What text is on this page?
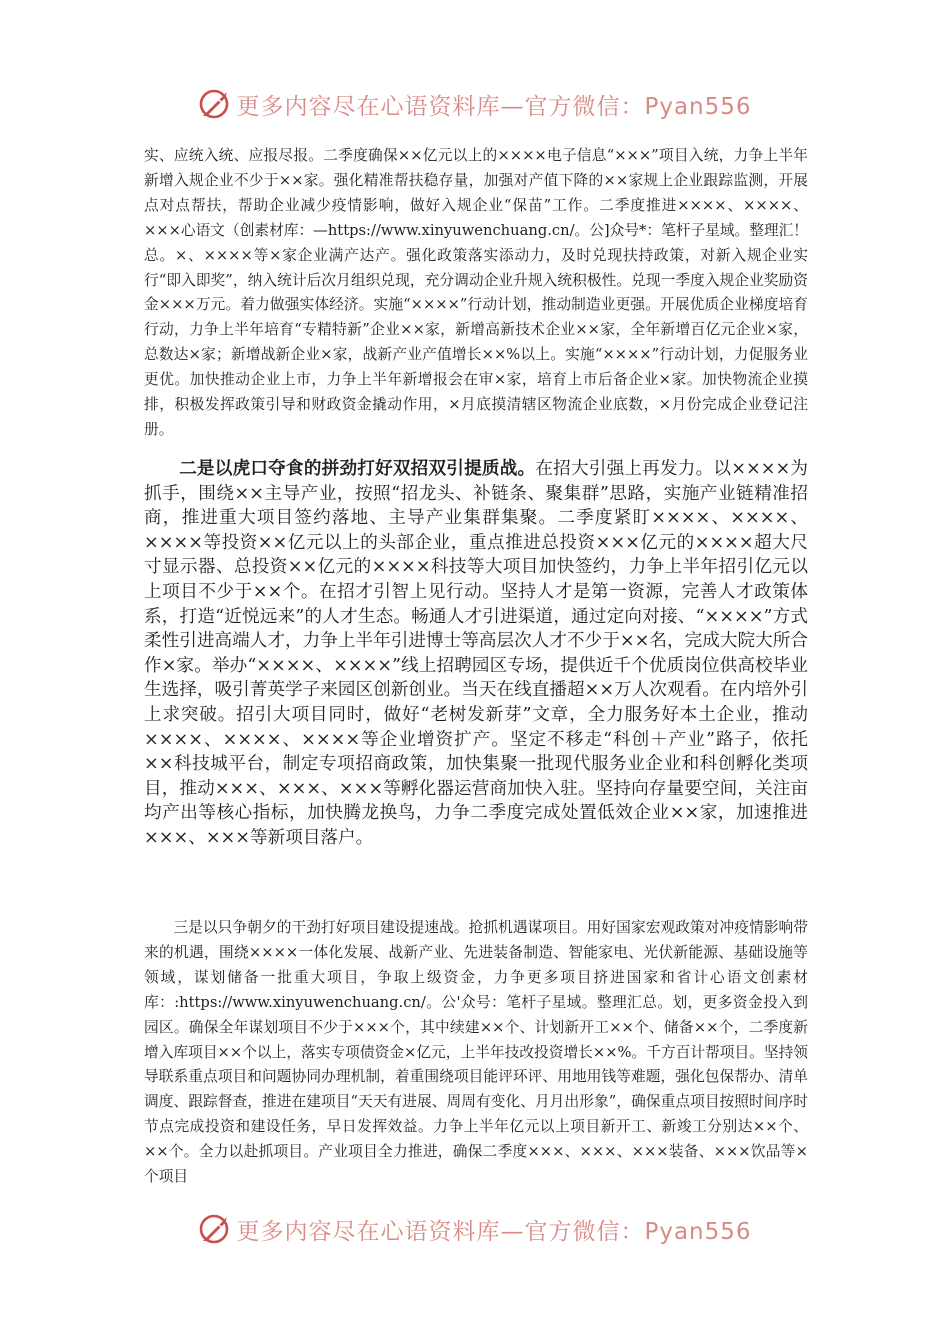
更多内容尽在心语资料库—官方微信：Pyan556

实、应统入统、应报尽报。二季度确保××亿元以上的××××电子信息“×××”项目入统，力争上半年新增入规企业不少于××家。强化精准帮扶稳存量，加强对产值下降的××家规上企业跟踪监测，开展点对点帮扶，帮助企业减少疫情影响，做好入规企业“保苗”工作。二季度推进××××、××××、×××心语文（创素材库：—https://www.xinyuwenchuang.cn/。公]众号*：笔杆子星域。整理汇！总。×、××××等×家企业满产达产。强化政策落实添动力，及时兑现扶持政策，对新入规企业实行“即入即奖”，纳入统计后次月组织兑现，充分调动企业升规入统积极性。兑现一季度入规企业奖励资金×××万元。着力做强实体经济。实施“××××”行动计划，推动制造业更强。开展优质企业梯度培育行动，力争上半年培育“专精特新”企业××家，新增高新技术企业××家，全年新增百亿元企业×家，总数达×家；新增战新企业×家，战新产业产值增长××%以上。实施“××××”行动计划，力促服务业更优。加快推动企业上市，力争上半年新增报会在审×家，培育上市后备企业×家。加快物流企业摸排，积极发挥政策引导和财政资金撬动作用，×月底摸清辖区物流企业底数，×月份完成企业登记注册。

二是以虎口夺食的拼劲打好双招双引提质战。在招大引强上再发力。以××××为抓手，围绕××主导产业，按照“招龙头、补链条、聚集群”思路，实施产业链精准招商，推进重大项目签约落地、主导产业集群集聚。二季度紧盯××××、××××、××××等投资××亿元以上的头部企业，重点推进总投资×××亿元的××××超大尺寸显示器、总投资××亿元的××××科技等大项目加快签约，力争上半年招引亿元以上项目不少于××个。在招才引智上见行动。坚持人才是第一资源，完善人才政策体系，打造“近悦远来”的人才生态。畅通人才引进渠道，通过定向对接、“××××”方式柔性引进高端人才，力争上半年引进博士等高层次人才不少于××名，完成大院大所合作×家。举办“××××、××××”线上招聘园区专场，提供近千个优质岗位供高校毕业生选择，吸引菁英学子来园区创新创业。当天在线直播超××万人次观看。在内培外引上求突破。招引大项目同时，做好“老树发新芽”文章，全力服务好本土企业，推动××××、××××、××××等企业增资扩产。坚定不移走“科创＋产业”路子，依托××科技城平台，制定专项招商政策，加快集聚一批现代服务业企业和科创孵化类项目，推动×××、×××、×××等孵化器运营商加快入驻。坚持向存量要空间，关注亩均产出等核心指标，加快腾龙换鸟，力争二季度完成处置低效企业××家，加速推进×××、×××等新项目落户。

三是以只争朝夕的干劲打好项目建设提速战。抢抓机遇谋项目。用好国家宏观政策对冲疫情影响带来的机遇，围绕××××一体化发展、战新产业、先进装备制造、智能家电、光伏新能源、基础设施等领域，谋划储备一批重大项目，争取上级资金，力争更多项目挤进国家和省计心语文创素材库：:https://www.xinyuwenchuang.cn/。公'众号：笔杆子星域。整理汇总。划，更多资金投入到园区。确保全年谋划项目不少于×××个，其中续建××个、计划新开工××个、储备××个，二季度新增入库项目××个以上，落实专项债资金×亿元，上半年技改投资增长××%。千方百计帮项目。坚持领导联系重点项目和问题协同办理机制，着重围绕项目能评环评、用地用钱等难题，强化包保帮办、清单调度、跟踪督查，推进在建项目“天天有进展、周周有变化、月月出形象”，确保重点项目按照时间序时节点完成投资和建设任务，早日发挥效益。力争上半年亿元以上项目新开工、新竣工分别达××个、××个。全力以赴抓项目。产业项目全力推进，确保二季度×××、×××、×××装备、×××饮品等×个项目

更多内容尽在心语资料库—官方微信：Pyan556
